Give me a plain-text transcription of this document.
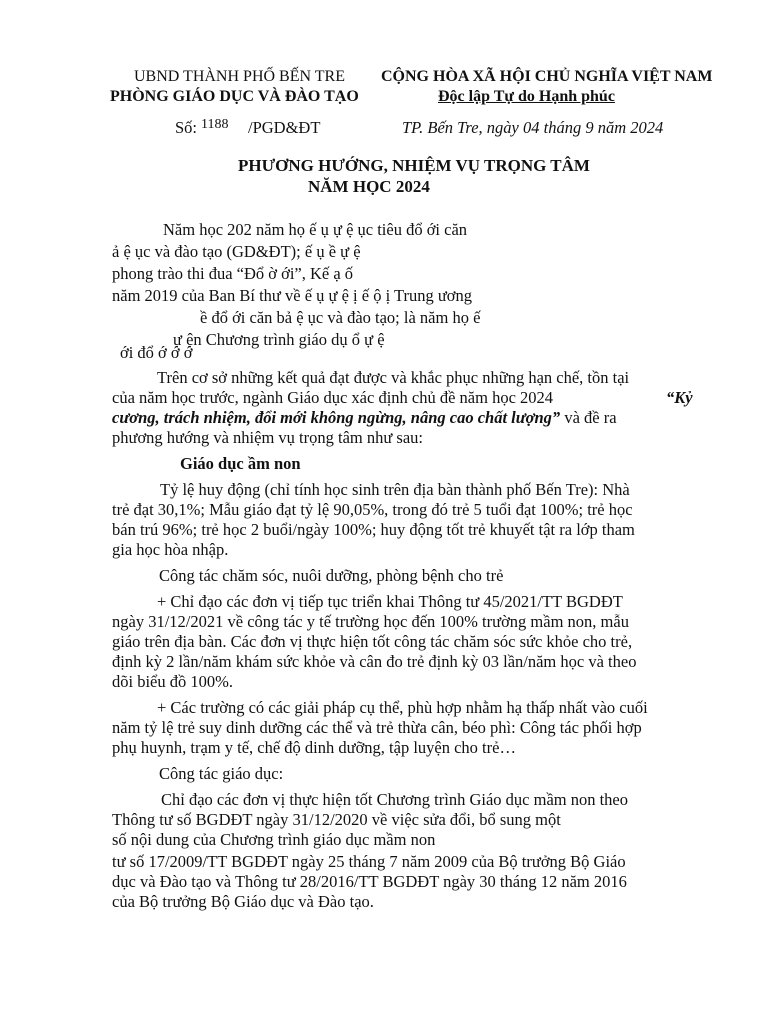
UBND THÀNH PHỐ BẾN TRE
PHÒNG GIÁO DỤC VÀ ĐÀO TẠO
CỘNG HÒA XÃ HỘI CHỦ NGHĨA VIỆT NAM
Độc lập Tự do Hạnh phúc
Số: 1188 /PGD&ĐT	TP. Bến Tre, ngày 04 tháng 9 năm 2024
PHƯƠNG HƯỚNG, NHIỆM VỤ TRỌNG TÂM
NĂM HỌC 2024
Năm học 202 năm họ ế ụ ự ệ ục tiêu đổ ới căn
ả ệ ục và đào tạo (GD&ĐT); ế ụ ề ự ệ
phong trào thi đua “Đổ ờ ới”, Kế ạ ố
năm 2019 của Ban Bí thư về ế ụ ự ệ ị ế ộ ị Trung ương
ề đổ ới căn bả ệ ục và đào tạo; là năm họ ế
ự ện Chương trình giáo dụ ổ ự ệ
ới đổ ớ ớ ớ
Trên cơ sở những kết quả đạt được và khắc phục những hạn chế, tồn tại
của năm học trước, ngành Giáo dục xác định chủ đề năm học 2024	“Kỷ
cương, trách nhiệm, đổi mới không ngừng, nâng cao chất lượng” và đề ra
phương hướng và nhiệm vụ trọng tâm như sau:
Giáo dục ầm non
Tỷ lệ huy động (chỉ tính học sinh trên địa bàn thành phố Bến Tre): Nhà
trẻ đạt 30,1%; Mẫu giáo đạt tỷ lệ 90,05%, trong đó trẻ 5 tuổi đạt 100%; trẻ học
bán trú 96%; trẻ học 2 buổi/ngày 100%; huy động tốt trẻ khuyết tật ra lớp tham
gia học hòa nhập.
Công tác chăm sóc, nuôi dưỡng, phòng bệnh cho trẻ
+ Chỉ đạo các đơn vị tiếp tục triển khai Thông tư 45/2021/TT BGDĐT
ngày 31/12/2021 về công tác y tế trường học đến 100% trường mầm non, mẫu
giáo trên địa bàn. Các đơn vị thực hiện tốt công tác chăm sóc sức khỏe cho trẻ,
định kỳ 2 lần/năm khám sức khỏe và cân đo trẻ định kỳ 03 lần/năm học và theo
dõi biểu đồ 100%.
+ Các trường có các giải pháp cụ thể, phù hợp nhằm hạ thấp nhất vào cuối
năm tỷ lệ trẻ suy dinh dưỡng các thể và trẻ thừa cân, béo phì: Công tác phối hợp
phụ huynh, trạm y tế, chế độ dinh dưỡng, tập luyện cho trẻ…
Công tác giáo dục:
Chỉ đạo các đơn vị thực hiện tốt Chương trình Giáo dục mầm non theo
Thông tư số BGDĐT ngày 31/12/2020 về việc sửa đổi, bổ sung một
số nội dung của Chương trình giáo dục mầm non
tư số 17/2009/TT BGDĐT ngày 25 tháng 7 năm 2009 của Bộ trưởng Bộ Giáo
dục và Đào tạo và Thông tư 28/2016/TT BGDĐT ngày 30 tháng 12 năm 2016
của Bộ trưởng Bộ Giáo dục và Đào tạo.
